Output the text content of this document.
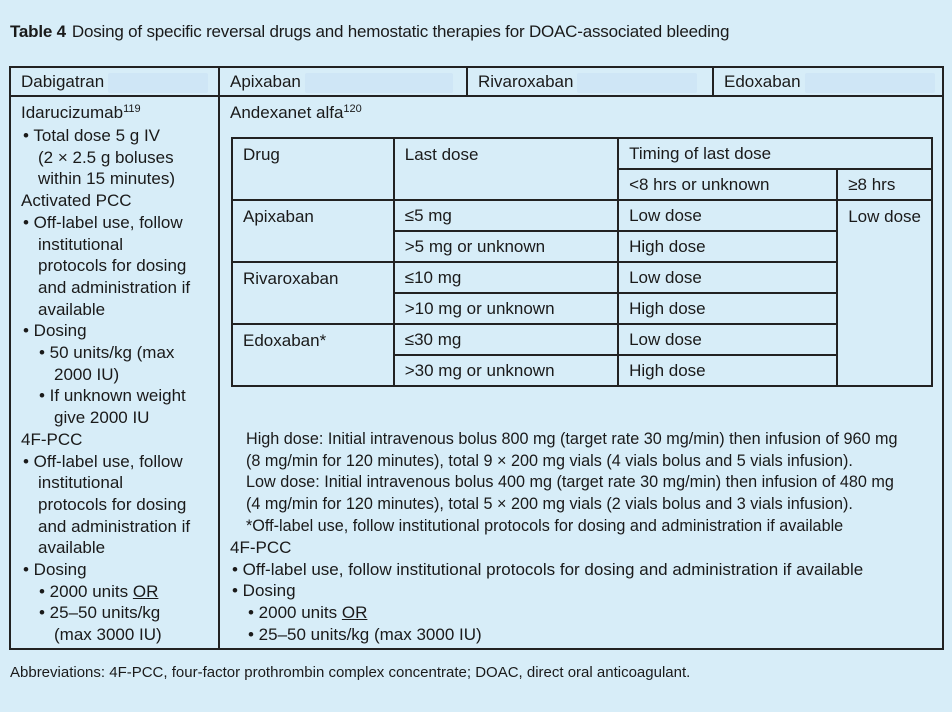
Table 4 Dosing of specific reversal drugs and hemostatic therapies for DOAC-associated bleeding
Dabigatran	Apixaban	Rivaroxaban	Edoxaban
Idarucizumab$^{119}$
• Total dose 5 g IV
(2 × 2.5 g boluses
within 15 minutes)
Activated PCC
• Off-label use, follow
institutional
protocols for dosing
and administration if
available
• Dosing
• 50 units/kg (max
2000 IU)
• If unknown weight
give 2000 IU
4F-PCC
• Off-label use, follow
institutional
protocols for dosing
and administration if
available
• Dosing
• 2000 units OR
• 25–50 units/kg
(max 3000 IU)
Andexanet alfa$^{120}$
Drug	Last dose	Timing of last dose	
		<8 hrs or unknown	≥8 hrs
Apixaban	≤5 mg	Low dose	Low dose
	>5 mg or unknown	High dose	
Rivaroxaban	≤10 mg	Low dose	
	>10 mg or unknown	High dose	
Edoxaban*	≤30 mg	Low dose	
	>30 mg or unknown	High dose	
High dose: Initial intravenous bolus 800 mg (target rate 30 mg/min) then infusion of 960 mg
(8 mg/min for 120 minutes), total 9 × 200 mg vials (4 vials bolus and 5 vials infusion).
Low dose: Initial intravenous bolus 400 mg (target rate 30 mg/min) then infusion of 480 mg
(4 mg/min for 120 minutes), total 5 × 200 mg vials (2 vials bolus and 3 vials infusion).
*Off-label use, follow institutional protocols for dosing and administration if available
4F-PCC
• Off-label use, follow institutional protocols for dosing and administration if available
• Dosing
• 2000 units OR
• 25–50 units/kg (max 3000 IU)
Abbreviations: 4F-PCC, four-factor prothrombin complex concentrate; DOAC, direct oral anticoagulant.
